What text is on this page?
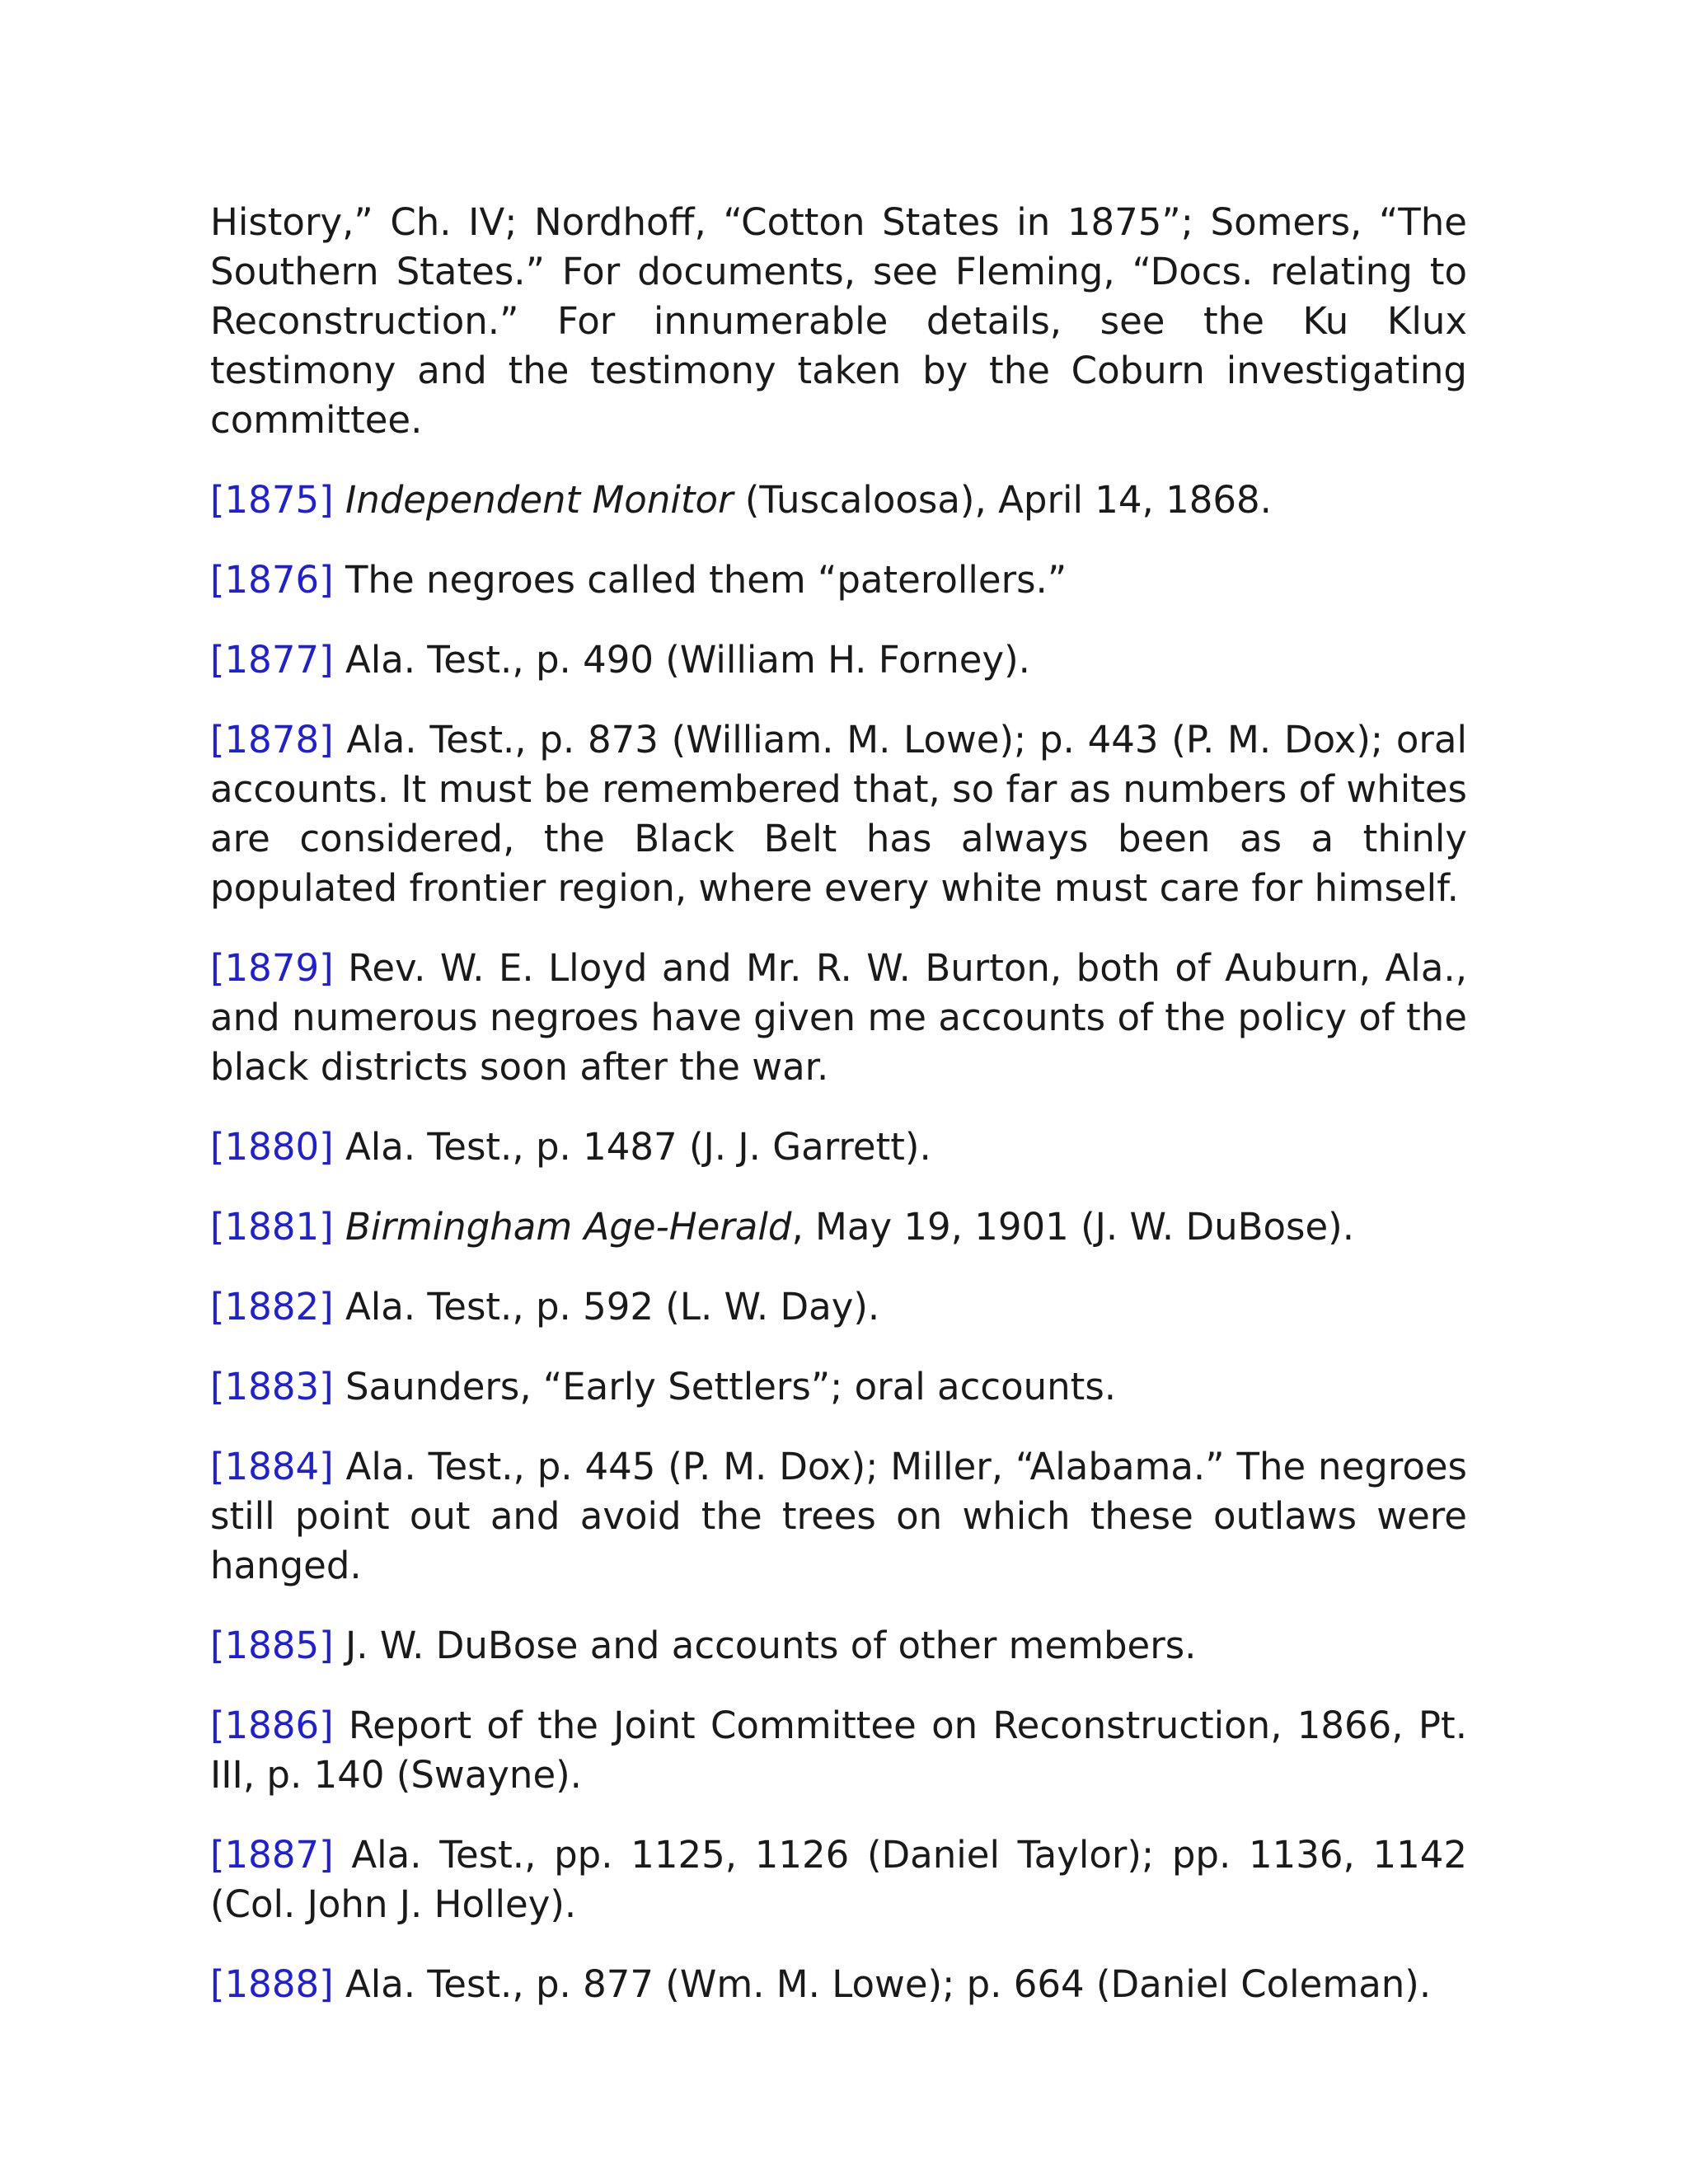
History,” Ch. IV; Nordhoff, “Cotton States in 1875”; Somers, “The Southern States.” For documents, see Fleming, “Docs. relating to Reconstruction.” For innumerable details, see the Ku Klux testimony and the testimony taken by the Coburn investigating committee.

[1875] Independent Monitor (Tuscaloosa), April 14, 1868.

[1876] The negroes called them “paterollers.”

[1877] Ala. Test., p. 490 (William H. Forney).

[1878] Ala. Test., p. 873 (William. M. Lowe); p. 443 (P. M. Dox); oral accounts. It must be remembered that, so far as numbers of whites are considered, the Black Belt has always been as a thinly populated frontier region, where every white must care for himself.

[1879] Rev. W. E. Lloyd and Mr. R. W. Burton, both of Auburn, Ala., and numerous negroes have given me accounts of the policy of the black districts soon after the war.

[1880] Ala. Test., p. 1487 (J. J. Garrett).

[1881] Birmingham Age-Herald, May 19, 1901 (J. W. DuBose).

[1882] Ala. Test., p. 592 (L. W. Day).

[1883] Saunders, “Early Settlers”; oral accounts.

[1884] Ala. Test., p. 445 (P. M. Dox); Miller, “Alabama.” The negroes still point out and avoid the trees on which these outlaws were hanged.

[1885] J. W. DuBose and accounts of other members.

[1886] Report of the Joint Committee on Reconstruction, 1866, Pt. III, p. 140 (Swayne).

[1887] Ala. Test., pp. 1125, 1126 (Daniel Taylor); pp. 1136, 1142 (Col. John J. Holley).

[1888] Ala. Test., p. 877 (Wm. M. Lowe); p. 664 (Daniel Coleman).
